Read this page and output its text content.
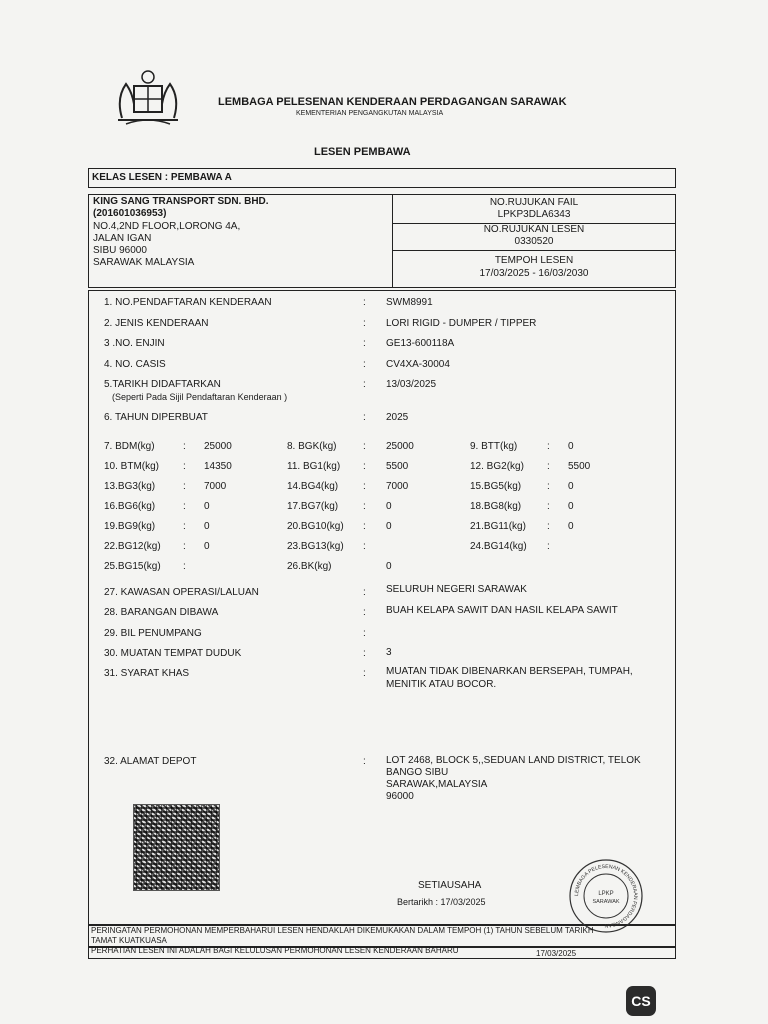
LEMBAGA PELESENAN KENDERAAN PERDAGANGAN SARAWAK
KEMENTERIAN PENGANGKUTAN MALAYSIA
LESEN PEMBAWA
KELAS LESEN : PEMBAWA A
KING SANG TRANSPORT SDN. BHD.
(201601036953)
NO.4,2ND FLOOR,LORONG 4A,
JALAN IGAN
SIBU 96000
SARAWAK MALAYSIA
NO.RUJUKAN FAIL
LPKP3DLA6343
NO.RUJUKAN LESEN
0330520
TEMPOH LESEN
17/03/2025 - 16/03/2030
1. NO.PENDAFTARAN KENDERAAN	: SWM8991
2. JENIS KENDERAAN	: LORI RIGID - DUMPER / TIPPER
3 .NO. ENJIN	: GE13-600118A
4. NO. CASIS	: CV4XA-30004
5.TARIKH DIDAFTARKAN
(Seperti Pada Sijil Pendaftaran Kenderaan )
: 13/03/2025
6. TAHUN DIPERBUAT	: 2025
7. BDM(kg)	: 25000	8. BGK(kg)	: 25000	9. BTT(kg)	: 0
10. BTM(kg) : 14350	11. BG1(kg) : 5500	12. BG2(kg) : 5500
13.BG3(kg)	: 7000	14.BG4(kg) : 7000	15.BG5(kg)	: 0
16.BG6(kg)	: 0	17.BG7(kg) : 0	18.BG8(kg)	: 0
19.BG9(kg)	: 0	20.BG10(kg) : 0	21.BG11(kg) : 0
22.BG12(kg) : 0	23.BG13(kg) :	24.BG14(kg) :
25.BG15(kg) :	26.BK(kg)	0
27. KAWASAN OPERASI/LALUAN	: SELURUH NEGERI SARAWAK
28. BARANGAN DIBAWA	: BUAH KELAPA SAWIT DAN HASIL KELAPA SAWIT
29. BIL PENUMPANG	:
30. MUATAN TEMPAT DUDUK	: 3
31. SYARAT KHAS	: MUATAN TIDAK DIBENARKAN BERSEPAH, TUMPAH,
MENITIK ATAU BOCOR.
32. ALAMAT DEPOT	: LOT 2468, BLOCK 5,,SEDUAN LAND DISTRICT, TELOK
BANGO SIBU
SARAWAK,MALAYSIA
96000
SETIAUSAHA
Bertarikh : 17/03/2025
LEMBAGA PELESENAN KENDERAAN PERDAGANGAN
LPKP
SARAWAK
PERINGATAN PERMOHONAN MEMPERBAHARUI LESEN HENDAKLAH DIKEMUKAKAN DALAM TEMPOH (1) TAHUN SEBELUM TARIKH
TAMAT KUATKUASA
PERHATIAN LESEN INI ADALAH BAGI KELULUSAN PERMOHONAN LESEN KENDERAAN BAHARU	17/03/2025
CS
